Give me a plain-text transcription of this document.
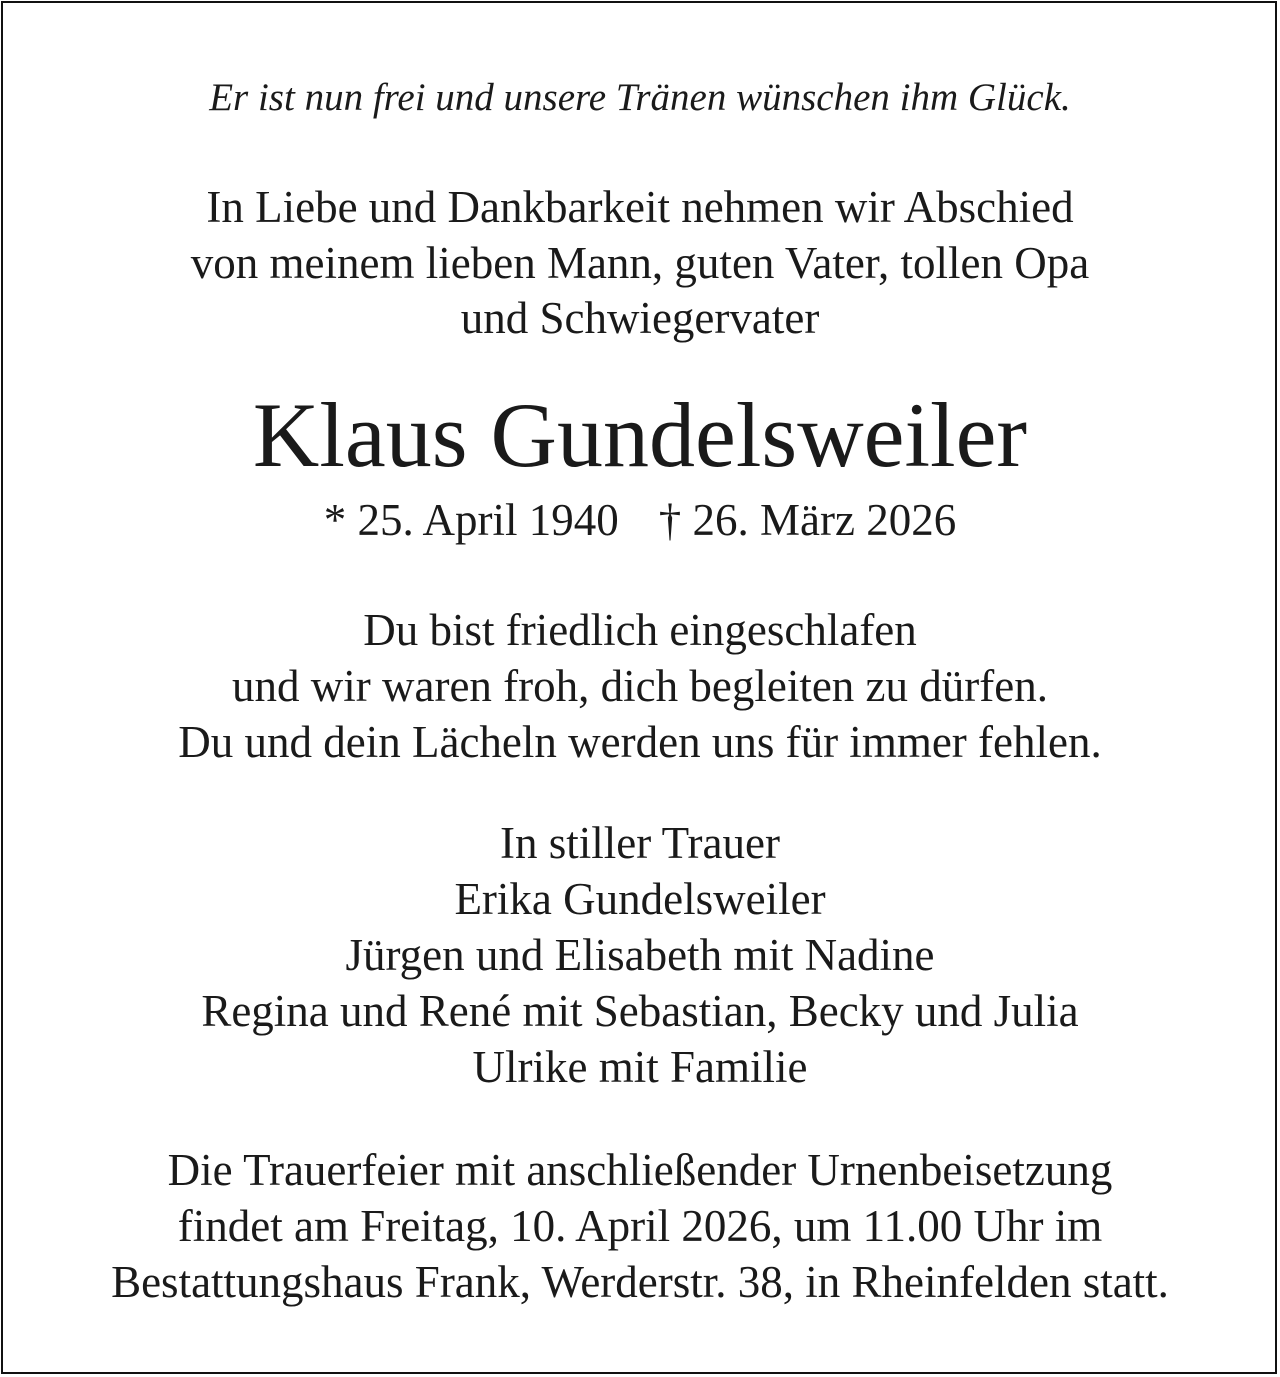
Er ist nun frei und unsere Tränen wünschen ihm Glück.

In Liebe und Dankbarkeit nehmen wir Abschied
von meinem lieben Mann, guten Vater, tollen Opa
und Schwiegervater
Klaus Gundelsweiler
* 25. April 1940 † 26. März 2026
Du bist friedlich eingeschlafen
und wir waren froh, dich begleiten zu dürfen.
Du und dein Lächeln werden uns für immer fehlen.
In stiller Trauer
Erika Gundelsweiler
Jürgen und Elisabeth mit Nadine
Regina und René mit Sebastian, Becky und Julia
Ulrike mit Familie
Die Trauerfeier mit anschließender Urnenbeisetzung
findet am Freitag, 10. April 2026, um 11.00 Uhr im
Bestattungshaus Frank, Werderstr. 38, in Rheinfelden statt.
